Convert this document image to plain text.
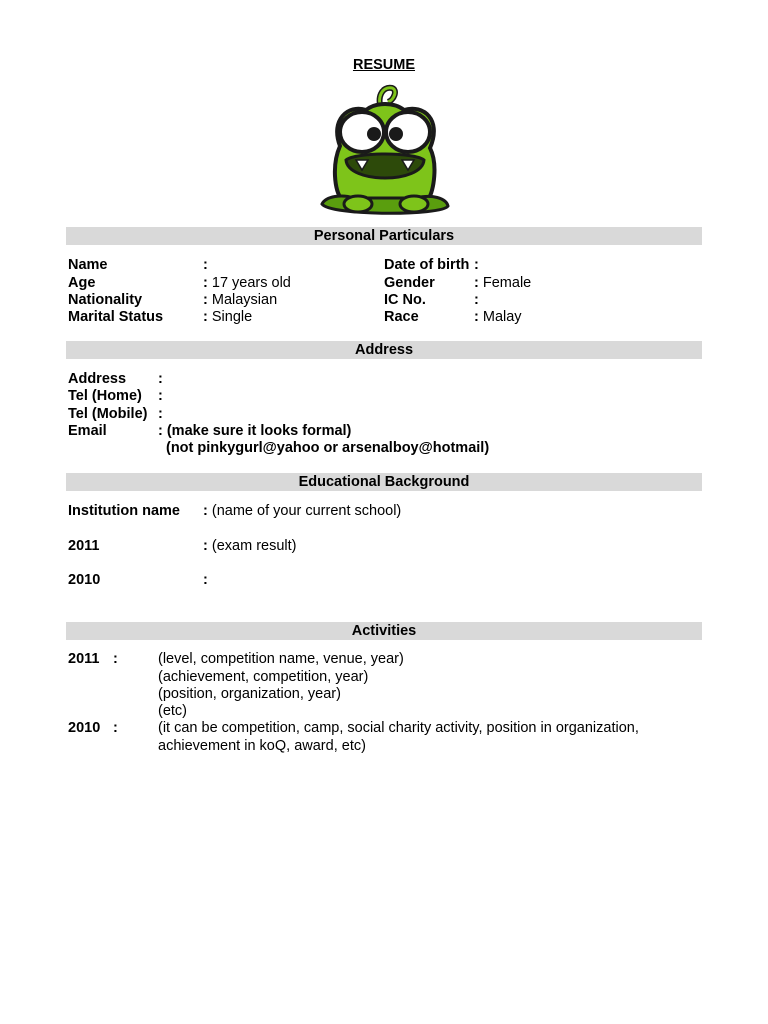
RESUME
Personal Particulars
Name	:
Age	: 17 years old
Nationality	: Malaysian
Marital Status	: Single
Date of birth :
Gender	: Female
IC No.	:
Race	: Malay
Address
Address :
Tel (Home) :
Tel (Mobile) :
Email	: (make sure it looks formal)
(not pinkygurl@yahoo or arsenalboy@hotmail)
Educational Background
Institution name : (name of your current school)
2011	: (exam result)
2010	:
Activities
2011 :	(level, competition name, venue, year)
(achievement, competition, year)
(position, organization, year)
(etc)
2010 :	(it can be competition, camp, social charity activity, position in organization,
achievement in koQ, award, etc)
